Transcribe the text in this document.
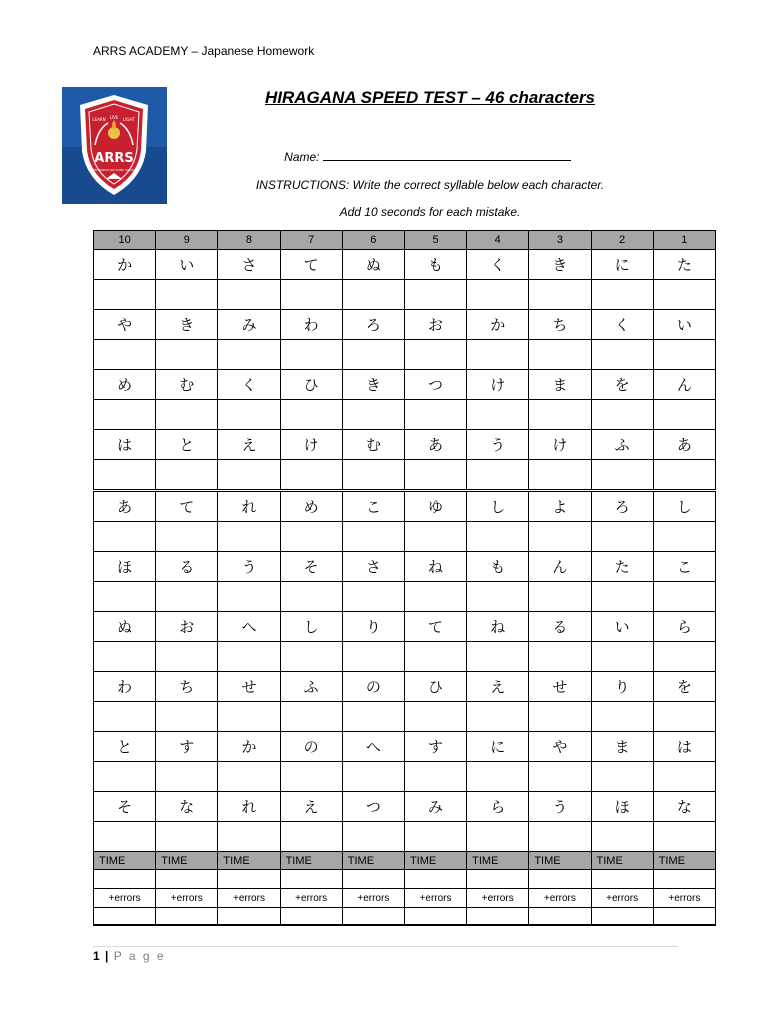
ARRS ACADEMY – Japanese Homework
LIVE
LEARN	LIGHT
ARRS
TEHRANIYA RE SOMA SALOU
HIRAGANA SPEED TEST – 46 characters
Name:
INSTRUCTIONS: Write the correct syllable below each character.
Add 10 seconds for each mistake.
10	9	8	7	6	5	4	3	2	1
か	い	さ	て	ぬ	も	く	き	に	た

や	き	み	わ	ろ	お	か	ち	く	い

め	む	く	ひ	き	つ	け	ま	を	ん

は	と	え	け	む	あ	う	け	ふ	あ

あ	て	れ	め	こ	ゆ	し	よ	ろ	し

ほ	る	う	そ	さ	ね	も	ん	た	こ

ぬ	お	へ	し	り	て	ね	る	い	ら

わ	ち	せ	ふ	の	ひ	え	せ	り	を

と	す	か	の	へ	す	に	や	ま	は

そ	な	れ	え	つ	み	ら	う	ほ	な

TIME	TIME	TIME	TIME	TIME	TIME	TIME	TIME	TIME	TIME

+errors	+errors	+errors	+errors	+errors	+errors	+errors	+errors	+errors	+errors

1 | P a g e
